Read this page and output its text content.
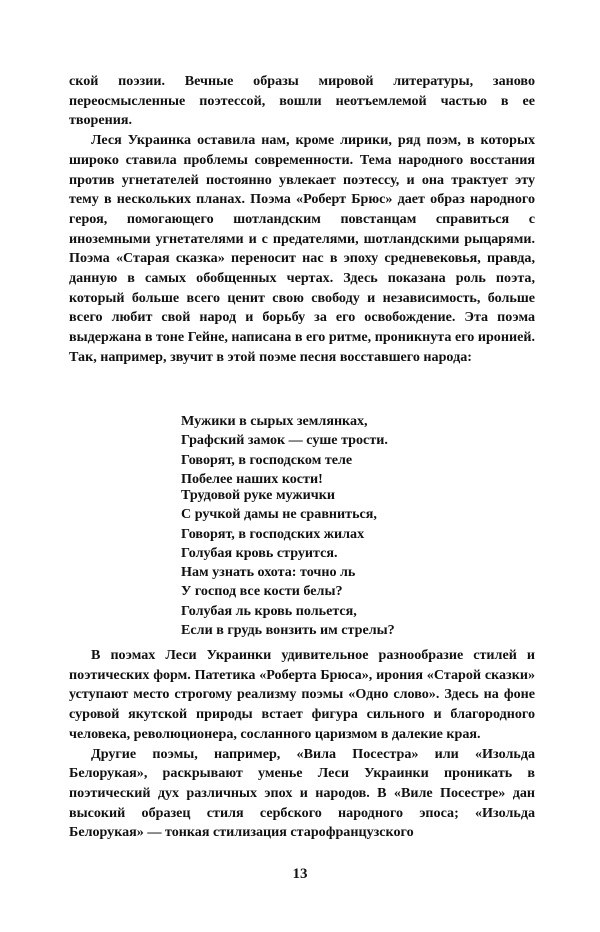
ской поэзии. Вечные образы мировой литературы, заново переосмысленные поэтессой, вошли неотъемлемой частью в ее творения.

Леся Украинка оставила нам, кроме лирики, ряд поэм, в которых широко ставила проблемы современности. Тема народного восстания против угнетателей постоянно увлекает поэтессу, и она трактует эту тему в нескольких планах. Поэма «Роберт Брюс» дает образ народного героя, помогающего шотландским повстанцам справиться с иноземными угнетателями и с предателями, шотландскими рыцарями. Поэма «Старая сказка» переносит нас в эпоху средневековья, правда, данную в самых обобщенных чертах. Здесь показана роль поэта, который больше всего ценит свою свободу и независимость, больше всего любит свой народ и борьбу за его освобождение. Эта поэма выдержана в тоне Гейне, написана в его ритме, проникнута его иронией. Так, например, звучит в этой поэме песня восставшего народа:

Мужики в сырых землянках,
Графский замок — суше трости.
Говорят, в господском теле
Побелее наших кости!
Трудовой руке мужички
С ручкой дамы не сравниться,
Говорят, в господских жилах
Голубая кровь струится.
Нам узнать охота: точно ль
У господ все кости белы?
Голубая ль кровь польется,
Если в грудь вонзить им стрелы?

В поэмах Леси Украинки удивительное разнообразие стилей и поэтических форм. Патетика «Роберта Брюса», ирония «Старой сказки» уступают место строгому реализму поэмы «Одно слово». Здесь на фоне суровой якутской природы встает фигура сильного и благородного человека, революционера, сосланного царизмом в далекие края.

Другие поэмы, например, «Вила Посестра» или «Изольда Белорукая», раскрывают уменье Леси Украинки проникать в поэтический дух различных эпох и народов. В «Виле Посестре» дан высокий образец стиля сербского народного эпоса; «Изольда Белорукая» — тонкая стилизация старофранцузского

13
